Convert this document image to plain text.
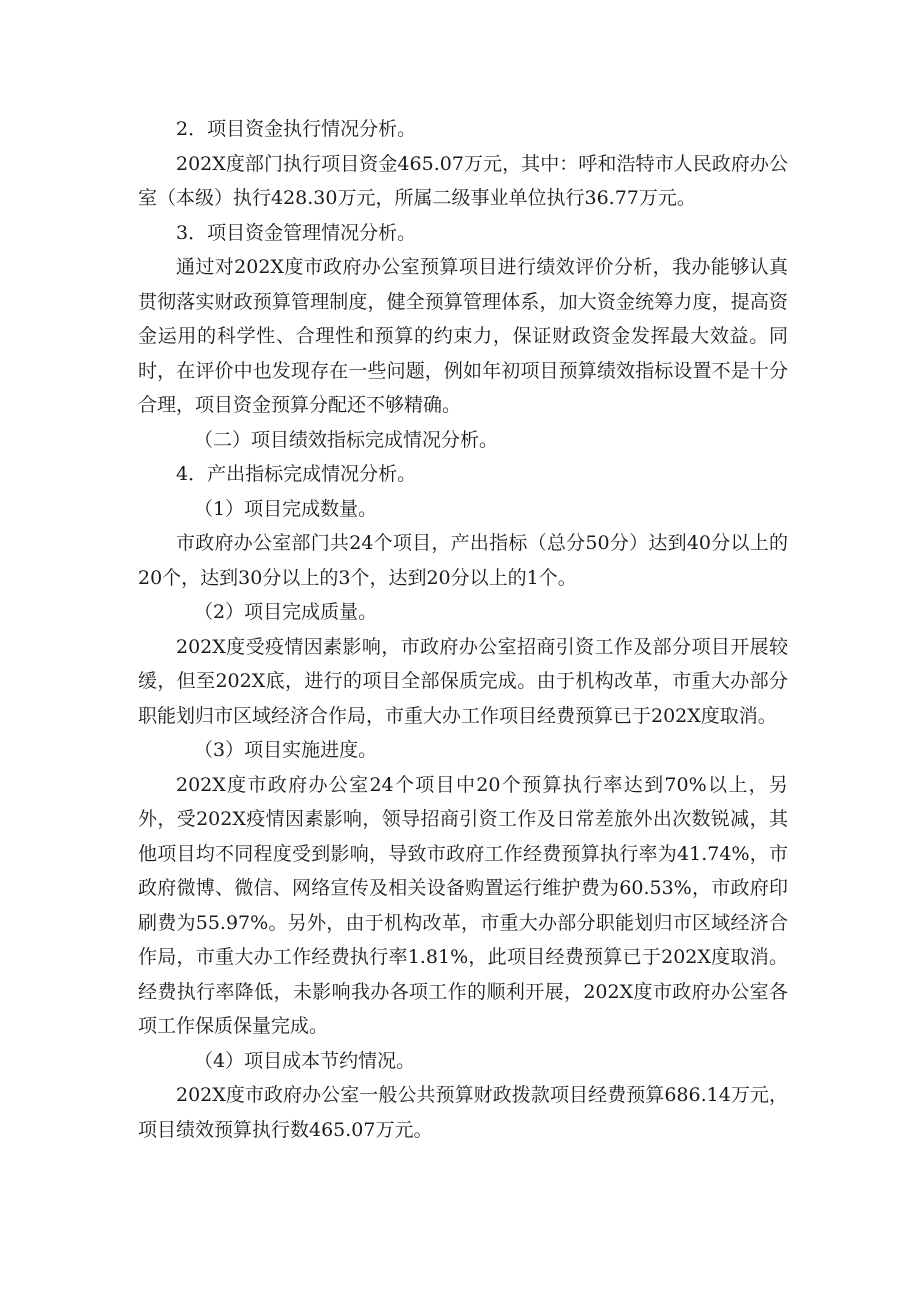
2．项目资金执行情况分析。

202X度部门执行项目资金465.07万元，其中：呼和浩特市人民政府办公室（本级）执行428.30万元，所属二级事业单位执行36.77万元。

3．项目资金管理情况分析。

通过对202X度市政府办公室预算项目进行绩效评价分析，我办能够认真贯彻落实财政预算管理制度，健全预算管理体系，加大资金统筹力度，提高资金运用的科学性、合理性和预算的约束力，保证财政资金发挥最大效益。同时，在评价中也发现存在一些问题，例如年初项目预算绩效指标设置不是十分合理，项目资金预算分配还不够精确。

（二）项目绩效指标完成情况分析。

4．产出指标完成情况分析。

（1）项目完成数量。

市政府办公室部门共24个项目，产出指标（总分50分）达到40分以上的20个，达到30分以上的3个，达到20分以上的1个。

（2）项目完成质量。

202X度受疫情因素影响，市政府办公室招商引资工作及部分项目开展较缓，但至202X底，进行的项目全部保质完成。由于机构改革，市重大办部分职能划归市区域经济合作局，市重大办工作项目经费预算已于202X度取消。

（3）项目实施进度。

202X度市政府办公室24个项目中20个预算执行率达到70%以上，另外，受202X疫情因素影响，领导招商引资工作及日常差旅外出次数锐减，其他项目均不同程度受到影响，导致市政府工作经费预算执行率为41.74%，市政府微博、微信、网络宣传及相关设备购置运行维护费为60.53%，市政府印刷费为55.97%。另外，由于机构改革，市重大办部分职能划归市区域经济合作局，市重大办工作经费执行率1.81%，此项目经费预算已于202X度取消。经费执行率降低，未影响我办各项工作的顺利开展，202X度市政府办公室各项工作保质保量完成。

（4）项目成本节约情况。

202X度市政府办公室一般公共预算财政拨款项目经费预算686.14万元，项目绩效预算执行数465.07万元。
